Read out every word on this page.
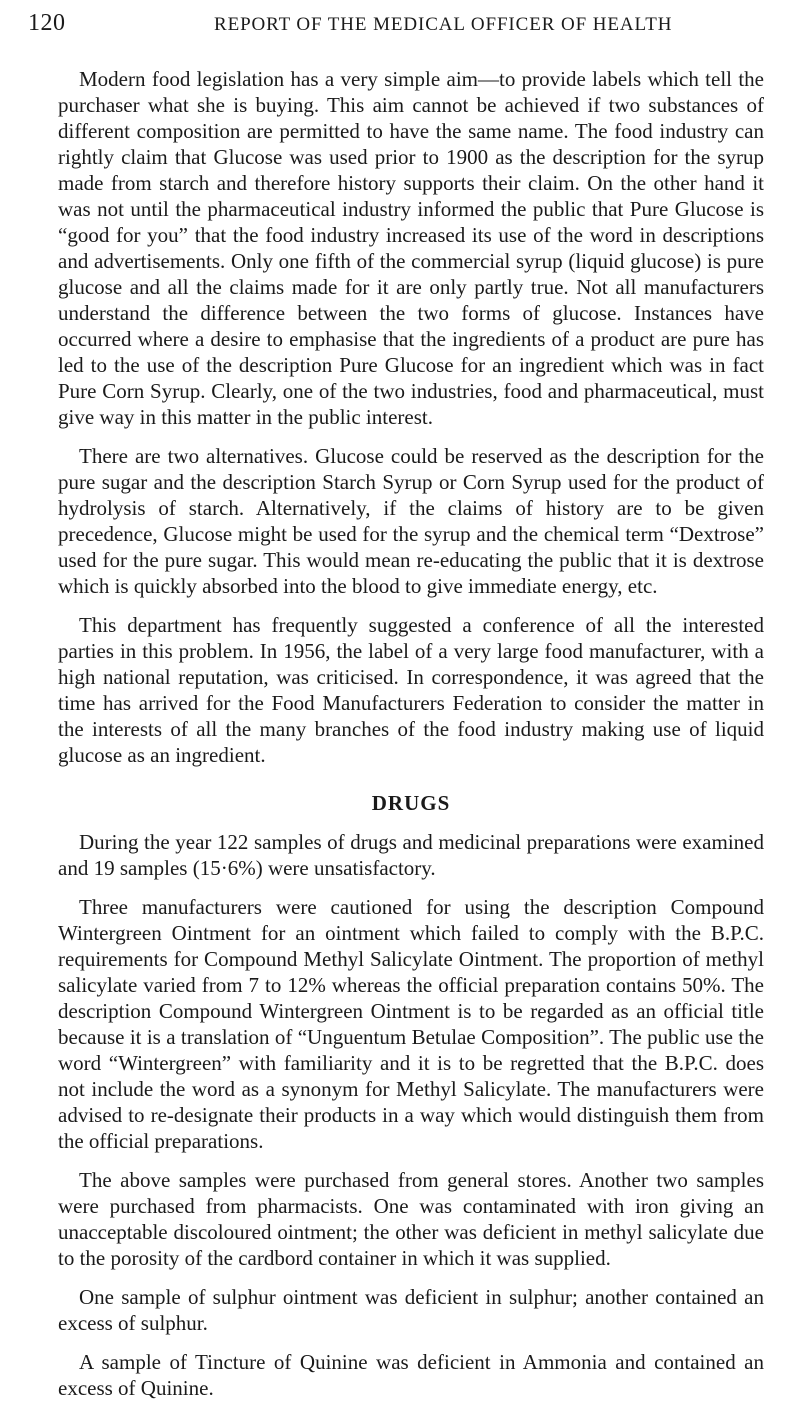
120	REPORT OF THE MEDICAL OFFICER OF HEALTH

Modern food legislation has a very simple aim—to provide labels which tell the purchaser what she is buying. This aim cannot be achieved if two substances of different composition are permitted to have the same name. The food industry can rightly claim that Glucose was used prior to 1900 as the description for the syrup made from starch and therefore history supports their claim. On the other hand it was not until the pharmaceutical industry informed the public that Pure Glucose is “good for you” that the food industry increased its use of the word in descriptions and advertisements. Only one fifth of the commercial syrup (liquid glucose) is pure glucose and all the claims made for it are only partly true. Not all manufacturers understand the difference between the two forms of glucose. Instances have occurred where a desire to emphasise that the ingredients of a product are pure has led to the use of the description Pure Glucose for an ingredient which was in fact Pure Corn Syrup. Clearly, one of the two industries, food and pharmaceutical, must give way in this matter in the public interest.

There are two alternatives. Glucose could be reserved as the description for the pure sugar and the description Starch Syrup or Corn Syrup used for the product of hydrolysis of starch. Alternatively, if the claims of history are to be given precedence, Glucose might be used for the syrup and the chemical term “Dextrose” used for the pure sugar. This would mean re-educating the public that it is dextrose which is quickly absorbed into the blood to give immediate energy, etc.

This department has frequently suggested a conference of all the interested parties in this problem. In 1956, the label of a very large food manufacturer, with a high national reputation, was criticised. In correspondence, it was agreed that the time has arrived for the Food Manufacturers Federation to consider the matter in the interests of all the many branches of the food industry making use of liquid glucose as an ingredient.

DRUGS

During the year 122 samples of drugs and medicinal preparations were examined and 19 samples (15·6%) were unsatisfactory.

Three manufacturers were cautioned for using the description Compound Wintergreen Ointment for an ointment which failed to comply with the B.P.C. requirements for Compound Methyl Salicylate Ointment. The proportion of methyl salicylate varied from 7 to 12% whereas the official preparation contains 50%. The description Compound Wintergreen Ointment is to be regarded as an official title because it is a translation of “Unguentum Betulae Composition”. The public use the word “Wintergreen” with familiarity and it is to be regretted that the B.P.C. does not include the word as a synonym for Methyl Salicylate. The manufacturers were advised to re-designate their products in a way which would distinguish them from the official preparations.

The above samples were purchased from general stores. Another two samples were purchased from pharmacists. One was contaminated with iron giving an unacceptable discoloured ointment; the other was deficient in methyl salicylate due to the porosity of the cardbord container in which it was supplied.

One sample of sulphur ointment was deficient in sulphur; another contained an excess of sulphur.

A sample of Tincture of Quinine was deficient in Ammonia and contained an excess of Quinine.
